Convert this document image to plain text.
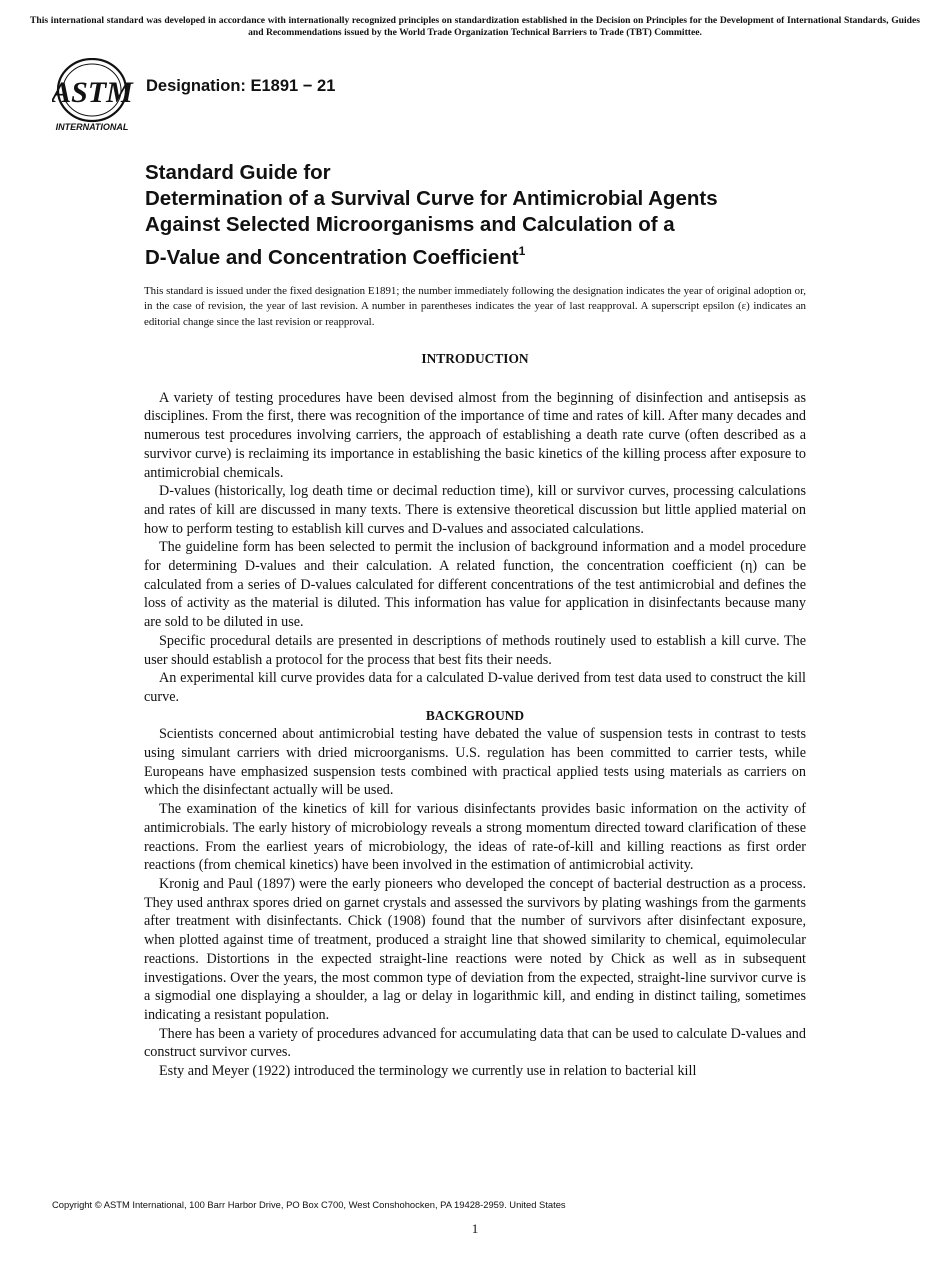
This international standard was developed in accordance with internationally recognized principles on standardization established in the Decision on Principles for the Development of International Standards, Guides and Recommendations issued by the World Trade Organization Technical Barriers to Trade (TBT) Committee.
ASTM
INTERNATIONAL
Designation: E1891 − 21
Standard Guide for
Determination of a Survival Curve for Antimicrobial Agents
Against Selected Microorganisms and Calculation of a
D-Value and Concentration Coefficient$^1$

This standard is issued under the fixed designation E1891; the number immediately following the designation indicates the year of original adoption or, in the case of revision, the year of last revision. A number in parentheses indicates the year of last reapproval. A superscript epsilon (ε) indicates an editorial change since the last revision or reapproval.

INTRODUCTION

A variety of testing procedures have been devised almost from the beginning of disinfection and antisepsis as disciplines. From the first, there was recognition of the importance of time and rates of kill. After many decades and numerous test procedures involving carriers, the approach of establishing a death rate curve (often described as a survivor curve) is reclaiming its importance in establishing the basic kinetics of the killing process after exposure to antimicrobial chemicals.

D-values (historically, log death time or decimal reduction time), kill or survivor curves, processing calculations and rates of kill are discussed in many texts. There is extensive theoretical discussion but little applied material on how to perform testing to establish kill curves and D-values and associated calculations.

The guideline form has been selected to permit the inclusion of background information and a model procedure for determining D-values and their calculation. A related function, the concentration coefficient (η) can be calculated from a series of D-values calculated for different concentrations of the test antimicrobial and defines the loss of activity as the material is diluted. This information has value for application in disinfectants because many are sold to be diluted in use.

Specific procedural details are presented in descriptions of methods routinely used to establish a kill curve. The user should establish a protocol for the process that best fits their needs.

An experimental kill curve provides data for a calculated D-value derived from test data used to construct the kill curve.

BACKGROUND

Scientists concerned about antimicrobial testing have debated the value of suspension tests in contrast to tests using simulant carriers with dried microorganisms. U.S. regulation has been committed to carrier tests, while Europeans have emphasized suspension tests combined with practical applied tests using materials as carriers on which the disinfectant actually will be used.

The examination of the kinetics of kill for various disinfectants provides basic information on the activity of antimicrobials. The early history of microbiology reveals a strong momentum directed toward clarification of these reactions. From the earliest years of microbiology, the ideas of rate-of-kill and killing reactions as first order reactions (from chemical kinetics) have been involved in the estimation of antimicrobial activity.

Kronig and Paul (1897) were the early pioneers who developed the concept of bacterial destruction as a process. They used anthrax spores dried on garnet crystals and assessed the survivors by plating washings from the garments after treatment with disinfectants. Chick (1908) found that the number of survivors after disinfectant exposure, when plotted against time of treatment, produced a straight line that showed similarity to chemical, equimolecular reactions. Distortions in the expected straight-line reactions were noted by Chick as well as in subsequent investigations. Over the years, the most common type of deviation from the expected, straight-line survivor curve is a sigmodial one displaying a shoulder, a lag or delay in logarithmic kill, and ending in distinct tailing, sometimes indicating a resistant population.

There has been a variety of procedures advanced for accumulating data that can be used to calculate D-values and construct survivor curves.

Esty and Meyer (1922) introduced the terminology we currently use in relation to bacterial kill

Copyright © ASTM International, 100 Barr Harbor Drive, PO Box C700, West Conshohocken, PA 19428-2959. United States
1
